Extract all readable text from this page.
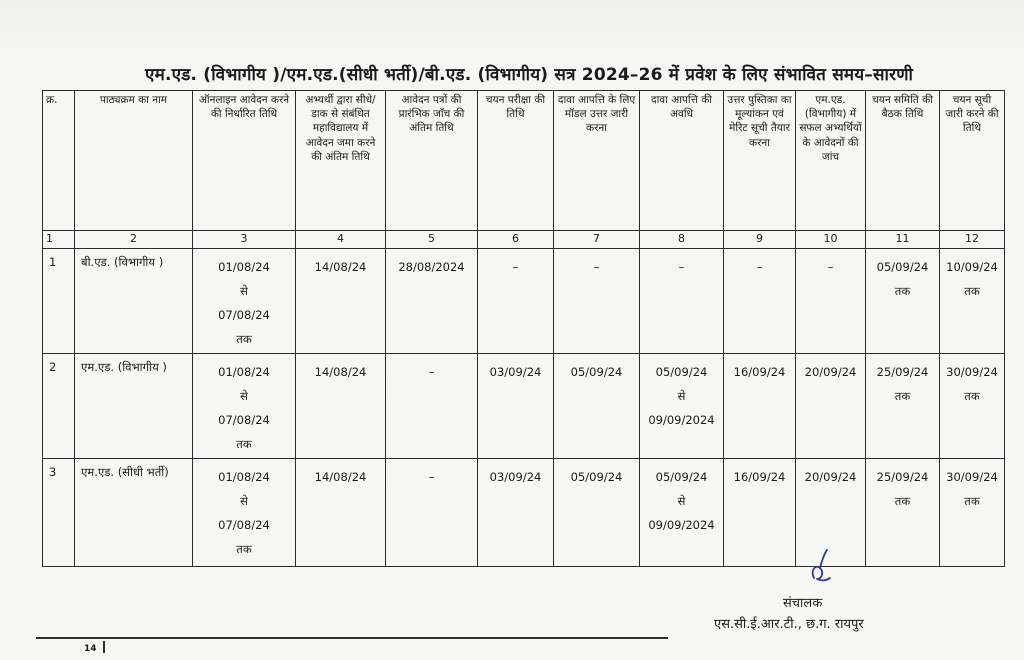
एम.एड. (विभागीय )/एम.एड.(सीधी भर्ती)/बी.एड. (विभागीय) सत्र 2024–26 में प्रवेश के लिए संभावित समय–सारणी
क्र.	पाठ्यक्रम का नाम	ऑनलाइन आवेदन करने की निर्धारित तिथि	अभ्यर्थी द्वारा सीधे/डाक से संबंधित महाविद्यालय में आवेदन जमा करने की अंतिम तिथि	आवेदन पत्रों की प्रारंभिक जाँच की अंतिम तिथि	चयन परीक्षा की तिथि	दावा आपत्ति के लिए मॉडल उत्तर जारी करना	दावा आपत्ति की अवधि	उत्तर पुस्तिका का मूल्यांकन एवं मेरिट सूची तैयार करना	एम.एड. (विभागीय) में सफल अभ्यर्थियों के आवेदनों की जांच	चयन समिति की बैठक तिथि	चयन सूची जारी करने की तिथि
1	2	3	4	5	6	7	8	9	10	11	12
1	बी.एड. (विभागीय )	01/08/24
से
07/08/24
तक	14/08/24	28/08/2024	–	–	–	–	–	05/09/24
तक	10/09/24
तक

2	एम.एड. (विभागीय )	01/08/24
से
07/08/24
तक	14/08/24	–	03/09/24	05/09/24	05/09/24
से
09/09/2024	16/09/24	20/09/24	25/09/24
तक	30/09/24
तक

3	एम.एड. (सीधी भर्ती)	01/08/24
से
07/08/24
तक	14/08/24	–	03/09/24	05/09/24	05/09/24
से
09/09/2024	16/09/24	20/09/24	25/09/24
तक	30/09/24
तक
संचालक
एस.सी.ई.आर.टी., छ.ग. रायपुर
14
